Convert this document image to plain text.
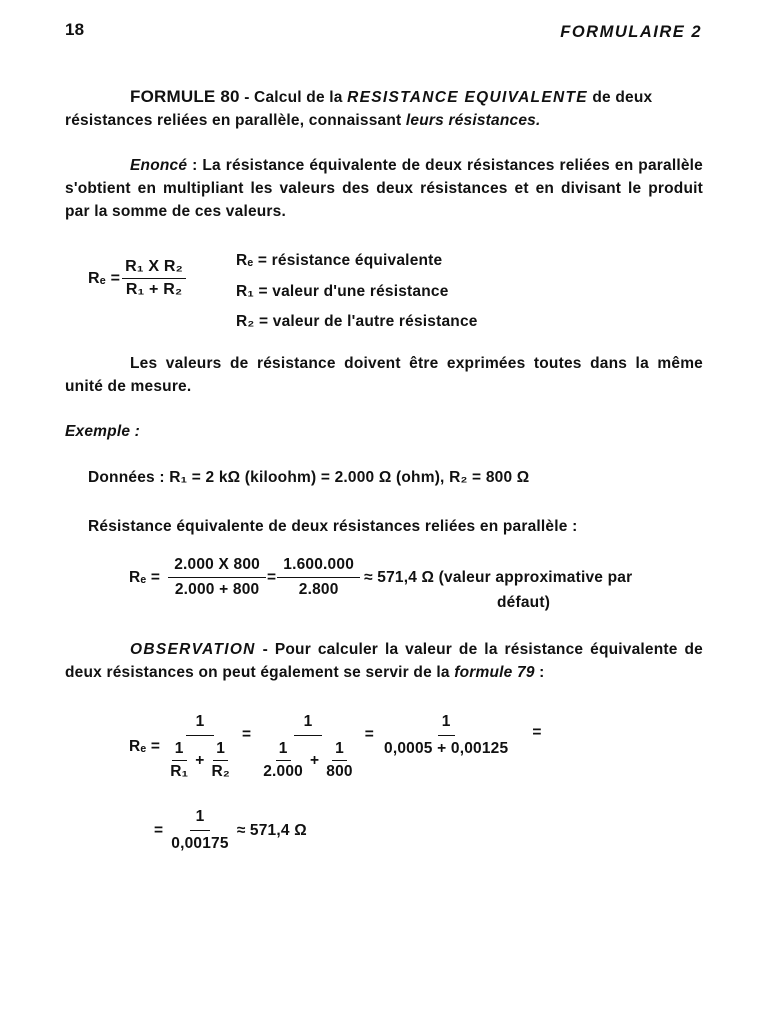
18	FORMULAIRE 2
FORMULE 80 - Calcul de la RESISTANCE EQUIVALENTE de deux
résistances reliées en parallèle, connaissant leurs résistances.
Enoncé : La résistance équivalente de deux résistances reliées en parallèle s'obtient en multipliant les valeurs des deux résistances et en divisant le produit par la somme de ces valeurs.
$R_e = \frac{\text{R₁ X R₂}}{\text{R₁ + R₂}}$	Rₑ = résistance équivalente
R₁ = valeur d'une résistance
R₂ = valeur de l'autre résistance
Les valeurs de résistance doivent être exprimées toutes dans la même unité de mesure.
Exemple :
Données : R₁ = 2 kΩ (kiloohm) = 2.000 Ω (ohm), R₂ = 800 Ω
Résistance équivalente de deux résistances reliées en parallèle :
$R_e = \frac{2.000 X 800}{2.000 + 800} = \frac{1.600.000}{2.800} \approx 571,4$ Ω (valeur approximative par
défaut)
OBSERVATION - Pour calculer la valeur de la résistance équivalente de deux résistances on peut également se servir de la formule 79 :
Rₑ =
1
$\frac{1}{\text{R₁}} + \frac{1}{\text{R₂}}$
=
1
$\frac{1}{2.000} + \frac{1}{800}$
= $\frac{1}{0,0005 + 0,00125}$ =
= $\frac{1}{0,00175} \approx 571,4$ Ω
